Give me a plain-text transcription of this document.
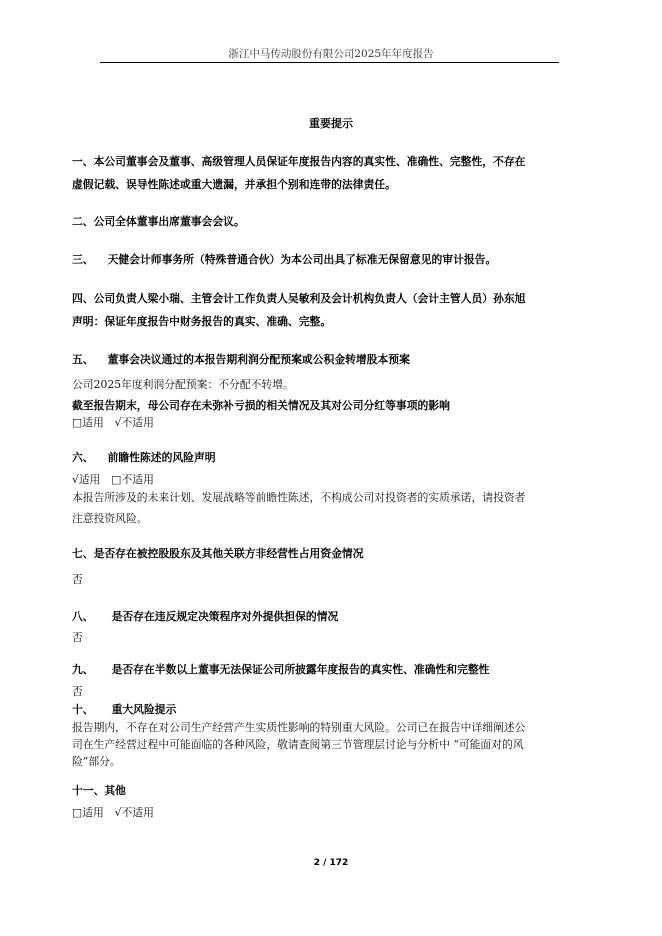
浙江中马传动股份有限公司2025年年度报告
重要提示
一、本公司董事会及董事、高级管理人员保证年度报告内容的真实性、准确性、完整性，不存在
虚假记载、误导性陈述或重大遗漏，并承担个别和连带的法律责任。
二、公司全体董事出席董事会会议。
三、 天健会计师事务所（特殊普通合伙）为本公司出具了标准无保留意见的审计报告。
四、公司负责人梁小瑞、主管会计工作负责人吴敏利及会计机构负责人（会计主管人员）孙东旭
声明：保证年度报告中财务报告的真实、准确、完整。
五、 董事会决议通过的本报告期利润分配预案或公积金转增股本预案
公司2025年度利润分配预案：不分配不转增。
截至报告期末，母公司存在未弥补亏损的相关情况及其对公司分红等事项的影响
□适用　√不适用
六、 前瞻性陈述的风险声明
√适用　□不适用
本报告所涉及的未来计划、发展战略等前瞻性陈述，不构成公司对投资者的实质承诺，请投资者
注意投资风险。
七、是否存在被控股股东及其他关联方非经营性占用资金情况
否
八、 是否存在违反规定决策程序对外提供担保的情况
否
九、 是否存在半数以上董事无法保证公司所披露年度报告的真实性、准确性和完整性
否
十、 重大风险提示
报告期内，不存在对公司生产经营产生实质性影响的特别重大风险。公司已在报告中详细阐述公
司在生产经营过程中可能面临的各种风险，敬请查阅第三节管理层讨论与分析中 “可能面对的风
险”部分。
十一、其他
□适用　√不适用
2 / 172
